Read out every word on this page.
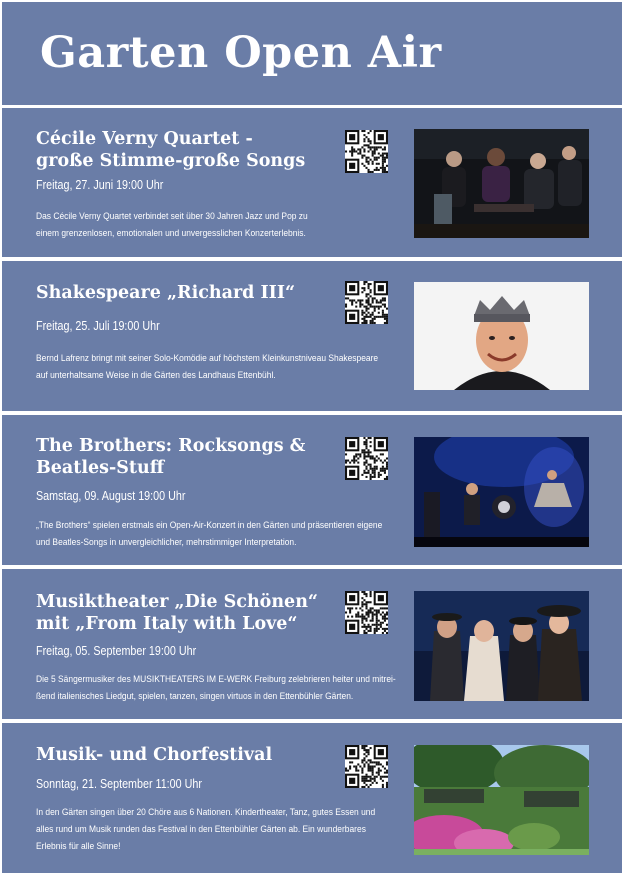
Garten Open Air
Cécile Verny Quartet -
große Stimme-große Songs
Freitag, 27. Juni 19:00 Uhr
Das Cécile Verny Quartet verbindet seit über 30 Jahren Jazz und Pop zu
einem grenzenlosen, emotionalen und unvergesslichen Konzerterlebnis.
Shakespeare „Richard III“
Freitag, 25. Juli 19:00 Uhr
Bernd Lafrenz bringt mit seiner Solo-Komödie auf höchstem Kleinkunstniveau Shakespeare
auf unterhaltsame Weise in die Gärten des Landhaus Ettenbühl.
The Brothers: Rocksongs &
Beatles-Stuff
Samstag, 09. August 19:00 Uhr
„The Brothers“ spielen erstmals ein Open-Air-Konzert in den Gärten und präsentieren eigene
und Beatles-Songs in unvergleichlicher, mehrstimmiger Interpretation.
Musiktheater „Die Schönen“
mit „From Italy with Love“
Freitag, 05. September 19:00 Uhr
Die 5 Sängermusiker des MUSIKTHEATERS IM E-WERK Freiburg zelebrieren heiter und mitrei-
ßend italienisches Liedgut, spielen, tanzen, singen virtuos in den Ettenbühler Gärten.
Musik- und Chorfestival
Sonntag, 21. September 11:00 Uhr
In den Gärten singen über 20 Chöre aus 6 Nationen. Kindertheater, Tanz, gutes Essen und
alles rund um Musik runden das Festival in den Ettenbühler Gärten ab. Ein wunderbares
Erlebnis für alle Sinne!
